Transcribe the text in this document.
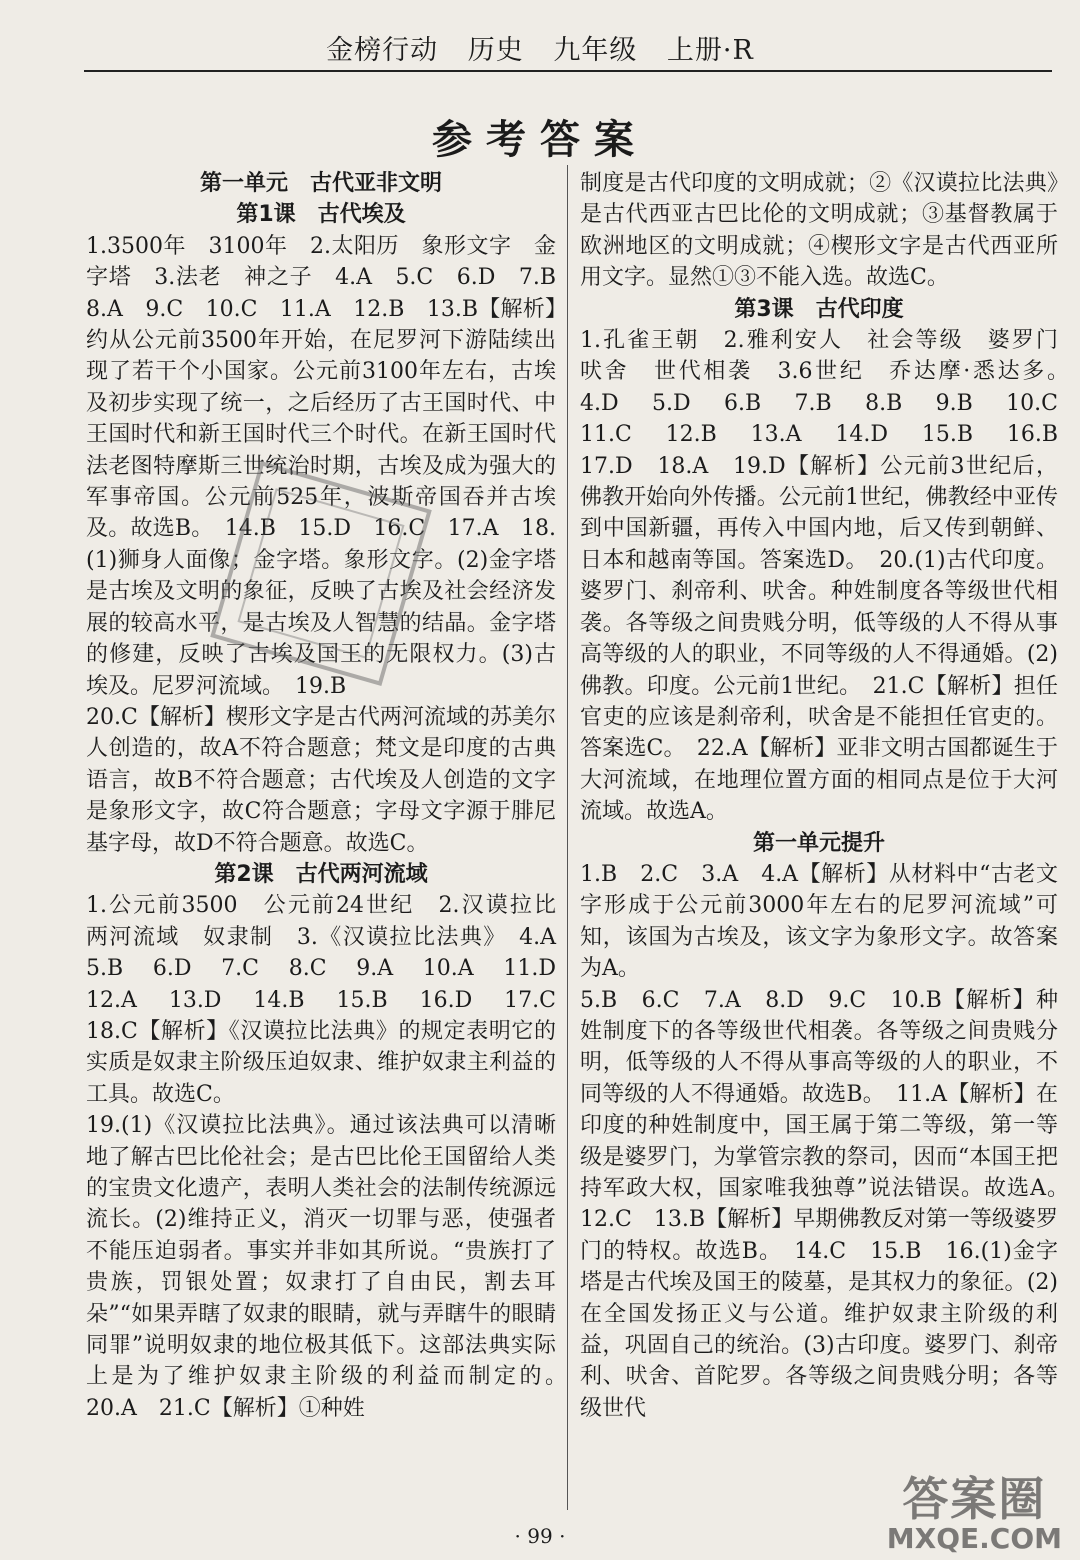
金榜行动 历史 九年级 上册·R
参考答案
第一单元　古代亚非文明
第1课　古代埃及

1.3500年　3100年　2.太阳历　象形文字　金字塔　3.法老　神之子　4.A　5.C　6.D　7.B　8.A　9.C　10.C　11.A　12.B　13.B【解析】约从公元前3500年开始，在尼罗河下游陆续出现了若干个小国家。公元前3100年左右，古埃及初步实现了统一，之后经历了古王国时代、中王国时代和新王国时代三个时代。在新王国时代法老图特摩斯三世统治时期，古埃及成为强大的军事帝国。公元前525年，波斯帝国吞并古埃及。故选B。　14.B　15.D　16.C　17.A　18.(1)狮身人面像；金字塔。象形文字。(2)金字塔是古埃及文明的象征，反映了古埃及社会经济发展的较高水平，是古埃及人智慧的结晶。金字塔的修建，反映了古埃及国王的无限权力。(3)古埃及。尼罗河流域。　19.B

20.C【解析】楔形文字是古代两河流域的苏美尔人创造的，故A不符合题意；梵文是印度的古典语言，故B不符合题意；古代埃及人创造的文字是象形文字，故C符合题意；字母文字源于腓尼基字母，故D不符合题意。故选C。

第2课　古代两河流域

1.公元前3500　公元前24世纪　2.汉谟拉比　两河流域　奴隶制　3.《汉谟拉比法典》　4.A　5.B　6.D　7.C　8.C　9.A　10.A　11.D　12.A　13.D　14.B　15.B　16.D　17.C　18.C【解析】《汉谟拉比法典》的规定表明它的实质是奴隶主阶级压迫奴隶、维护奴隶主利益的工具。故选C。

19.(1)《汉谟拉比法典》。通过该法典可以清晰地了解古巴比伦社会；是古巴比伦王国留给人类的宝贵文化遗产，表明人类社会的法制传统源远流长。(2)维持正义，消灭一切罪与恶，使强者不能压迫弱者。事实并非如其所说。“贵族打了贵族，罚银处置；奴隶打了自由民，割去耳朵”“如果弄瞎了奴隶的眼睛，就与弄瞎牛的眼睛同罪”说明奴隶的地位极其低下。这部法典实际上是为了维护奴隶主阶级的利益而制定的。　20.A　21.C【解析】①种姓

制度是古代印度的文明成就；②《汉谟拉比法典》是古代西亚古巴比伦的文明成就；③基督教属于欧洲地区的文明成就；④楔形文字是古代西亚所用文字。显然①③不能入选。故选C。

第3课　古代印度

1.孔雀王朝　2.雅利安人　社会等级　婆罗门　吠舍　世代相袭　3.6世纪　乔达摩·悉达多。　4.D　5.D　6.B　7.B　8.B　9.B　10.C　11.C　12.B　13.A　14.D　15.B　16.B　17.D　18.A　19.D【解析】公元前3世纪后，佛教开始向外传播。公元前1世纪，佛教经中亚传到中国新疆，再传入中国内地，后又传到朝鲜、日本和越南等国。答案选D。　20.(1)古代印度。婆罗门、刹帝利、吠舍。种姓制度各等级世代相袭。各等级之间贵贱分明，低等级的人不得从事高等级的人的职业，不同等级的人不得通婚。(2)佛教。印度。公元前1世纪。　21.C【解析】担任官吏的应该是刹帝利，吠舍是不能担任官吏的。答案选C。　22.A【解析】亚非文明古国都诞生于大河流域，在地理位置方面的相同点是位于大河流域。故选A。

第一单元提升

1.B　2.C　3.A　4.A【解析】从材料中“古老文字形成于公元前3000年左右的尼罗河流域”可知，该国为古埃及，该文字为象形文字。故答案为A。

5.B　6.C　7.A　8.D　9.C　10.B【解析】种姓制度下的各等级世代相袭。各等级之间贵贱分明，低等级的人不得从事高等级的人的职业，不同等级的人不得通婚。故选B。　11.A【解析】在印度的种姓制度中，国王属于第二等级，第一等级是婆罗门，为掌管宗教的祭司，因而“本国王把持军政大权，国家唯我独尊”说法错误。故选A。　12.C　13.B【解析】早期佛教反对第一等级婆罗门的特权。故选B。　14.C　15.B　16.(1)金字塔是古代埃及国王的陵墓，是其权力的象征。(2)在全国发扬正义与公道。维护奴隶主阶级的利益，巩固自己的统治。(3)古印度。婆罗门、刹帝利、吠舍、首陀罗。各等级之间贵贱分明；各等级世代

· 99 ·
答案圈
MXQE.COM
